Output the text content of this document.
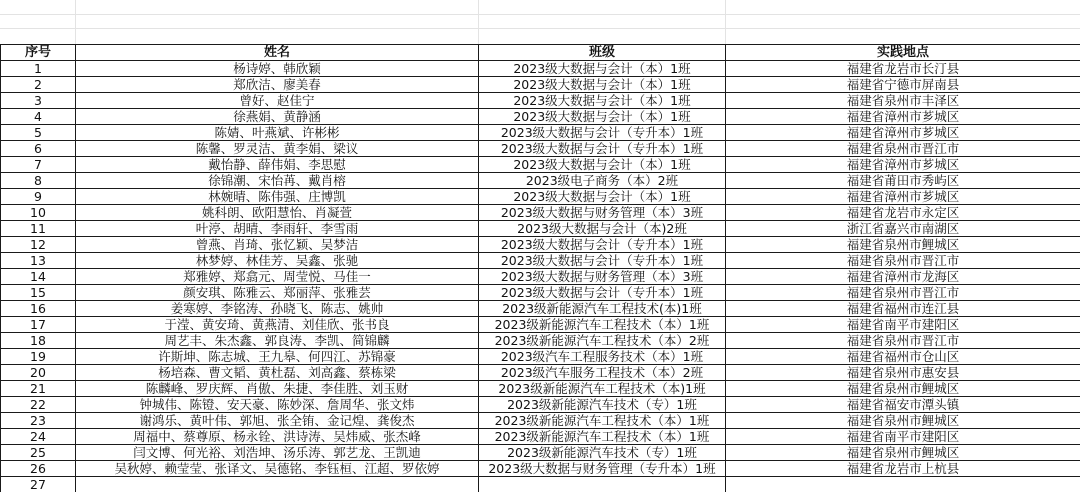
序号	姓名	班级	实践地点
1	杨诗婷、韩欣颖	2023级大数据与会计（本）1班	福建省龙岩市长汀县
2	郑欣洁、廖美春	2023级大数据与会计（本）1班	福建省宁德市屏南县
3	曾好、赵佳宁	2023级大数据与会计（本）1班	福建省泉州市丰泽区
4	徐燕娟、黄静涵	2023级大数据与会计（本）1班	福建省漳州市芗城区
5	陈婧、叶燕斌、许彬彬	2023级大数据与会计（专升本）1班	福建省漳州市芗城区
6	陈馨、罗灵洁、黄李娟、梁议	2023级大数据与会计（专升本）1班	福建省泉州市晋江市
7	戴怡静、薛伟娟、李思慰	2023级大数据与会计（本）1班	福建省漳州市芗城区
8	徐锦潮、宋怡苒、戴肖榕	2023级电子商务（本）2班	福建省莆田市秀屿区
9	林婉晴、陈伟强、庄博凯	2023级大数据与会计（本）1班	福建省漳州市芗城区
10	姚科朗、欧阳慧怡、肖凝萱	2023级大数据与财务管理（本）3班	福建省龙岩市永定区
11	叶渟、胡晴、李雨轩、李雪雨	2023级大数据与会计（本)2班	浙江省嘉兴市南湖区
12	曾燕、肖琦、张忆颖、吴梦洁	2023级大数据与会计（专升本）1班	福建省泉州市鲤城区
13	林梦婷、林佳芳、吴鑫、张驰	2023级大数据与会计（专升本）1班	福建省泉州市晋江市
14	郑雅婷、郑翕元、周莹悦、马佳一	2023级大数据与财务管理（本）3班	福建省漳州市龙海区
15	颜安琪、陈雅云、郑丽萍、张雅芸	2023级大数据与会计（专升本）1班	福建省泉州市晋江市
16	姜寒婷、李铭涛、孙晓飞、陈志、姚帅	2023级新能源汽车工程技术(本)1班	福建省福州市连江县
17	于滢、黄安琦、黄燕清、刘佳欣、张书良	2023级新能源汽车工程技术（本）1班	福建省南平市建阳区
18	周艺丰、朱杰鑫、郭良涛、李凯、简锦麟	2023级新能源汽车工程技术（本）2班	福建省泉州市晋江市
19	许斯坤、陈志城、王九皋、何四江、苏锦豪	2023级汽车工程服务技术（本）1班	福建省福州市仓山区
20	杨培森、曹文韬、黄杜磊、刘高鑫、蔡栋梁	2023级汽车服务工程技术（本）2班	福建省泉州市惠安县
21	陈麟峰、罗庆辉、肖傲、朱捷、李佳胜、刘玉财	2023级新能源汽车工程技术（本)1班	福建省泉州市鲤城区
22	钟城伟、陈镫、安天豪、陈妙深、詹周华、张文炜	2023级新能源汽车技术（专）1班	福建省福安市潭头镇
23	谢鸿乐、黄叶伟、郭旭、张全铕、金记煌、龚俊杰	2023级新能源汽车工程技术（本）1班	福建省泉州市鲤城区
24	周福中、蔡尊原、杨永铨、洪诗涛、吴炜威、张杰峰	2023级新能源汽车工程技术（本）1班	福建省南平市建阳区
25	闫文博、何光裕、刘浩坤、汤乐涛、郭艺龙、王凯迪	2023级新能源汽车技术（专）1班	福建省泉州市鲤城区
26	吴秋婷、赖莹莹、张译文、吴德铭、李钰桓、江超、罗依婷	2023级大数据与财务管理（专升本）1班	福建省龙岩市上杭县
27			
